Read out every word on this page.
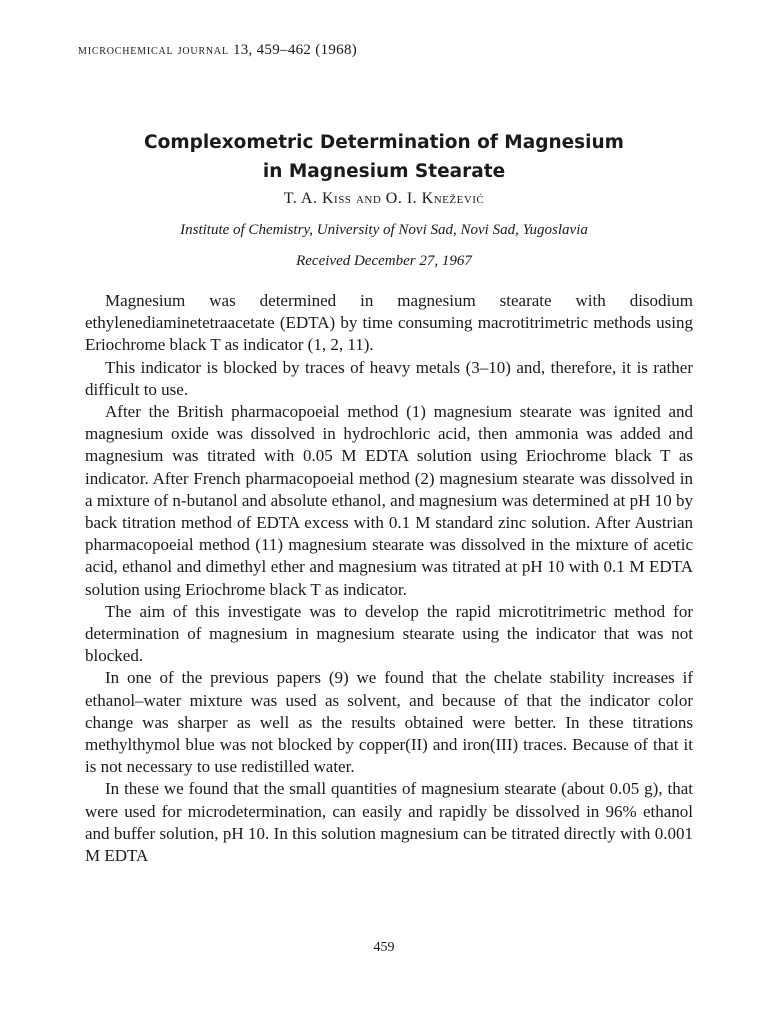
microchemical journal 13, 459–462 (1968)
Complexometric Determination of Magnesium
in Magnesium Stearate
T. A. Kiss and O. I. Knežević
Institute of Chemistry, University of Novi Sad, Novi Sad, Yugoslavia
Received December 27, 1967

Magnesium was determined in magnesium stearate with disodium ethylenediaminetetraacetate (EDTA) by time consuming macrotitrimetric methods using Eriochrome black T as indicator (1, 2, 11).

This indicator is blocked by traces of heavy metals (3–10) and, therefore, it is rather difficult to use.

After the British pharmacopoeial method (1) magnesium stearate was ignited and magnesium oxide was dissolved in hydrochloric acid, then ammonia was added and magnesium was titrated with 0.05 M EDTA solution using Eriochrome black T as indicator. After French pharmacopoeial method (2) magnesium stearate was dissolved in a mixture of n-butanol and absolute ethanol, and magnesium was determined at pH 10 by back titration method of EDTA excess with 0.1 M standard zinc solution. After Austrian pharmacopoeial method (11) magnesium stearate was dissolved in the mixture of acetic acid, ethanol and dimethyl ether and magnesium was titrated at pH 10 with 0.1 M EDTA solution using Eriochrome black T as indicator.

The aim of this investigate was to develop the rapid microtitrimetric method for determination of magnesium in magnesium stearate using the indicator that was not blocked.

In one of the previous papers (9) we found that the chelate stability increases if ethanol–water mixture was used as solvent, and because of that the indicator color change was sharper as well as the results obtained were better. In these titrations methylthymol blue was not blocked by copper(II) and iron(III) traces. Because of that it is not necessary to use redistilled water.

In these we found that the small quantities of magnesium stearate (about 0.05 g), that were used for microdetermination, can easily and rapidly be dissolved in 96% ethanol and buffer solution, pH 10. In this solution magnesium can be titrated directly with 0.001 M EDTA

459
